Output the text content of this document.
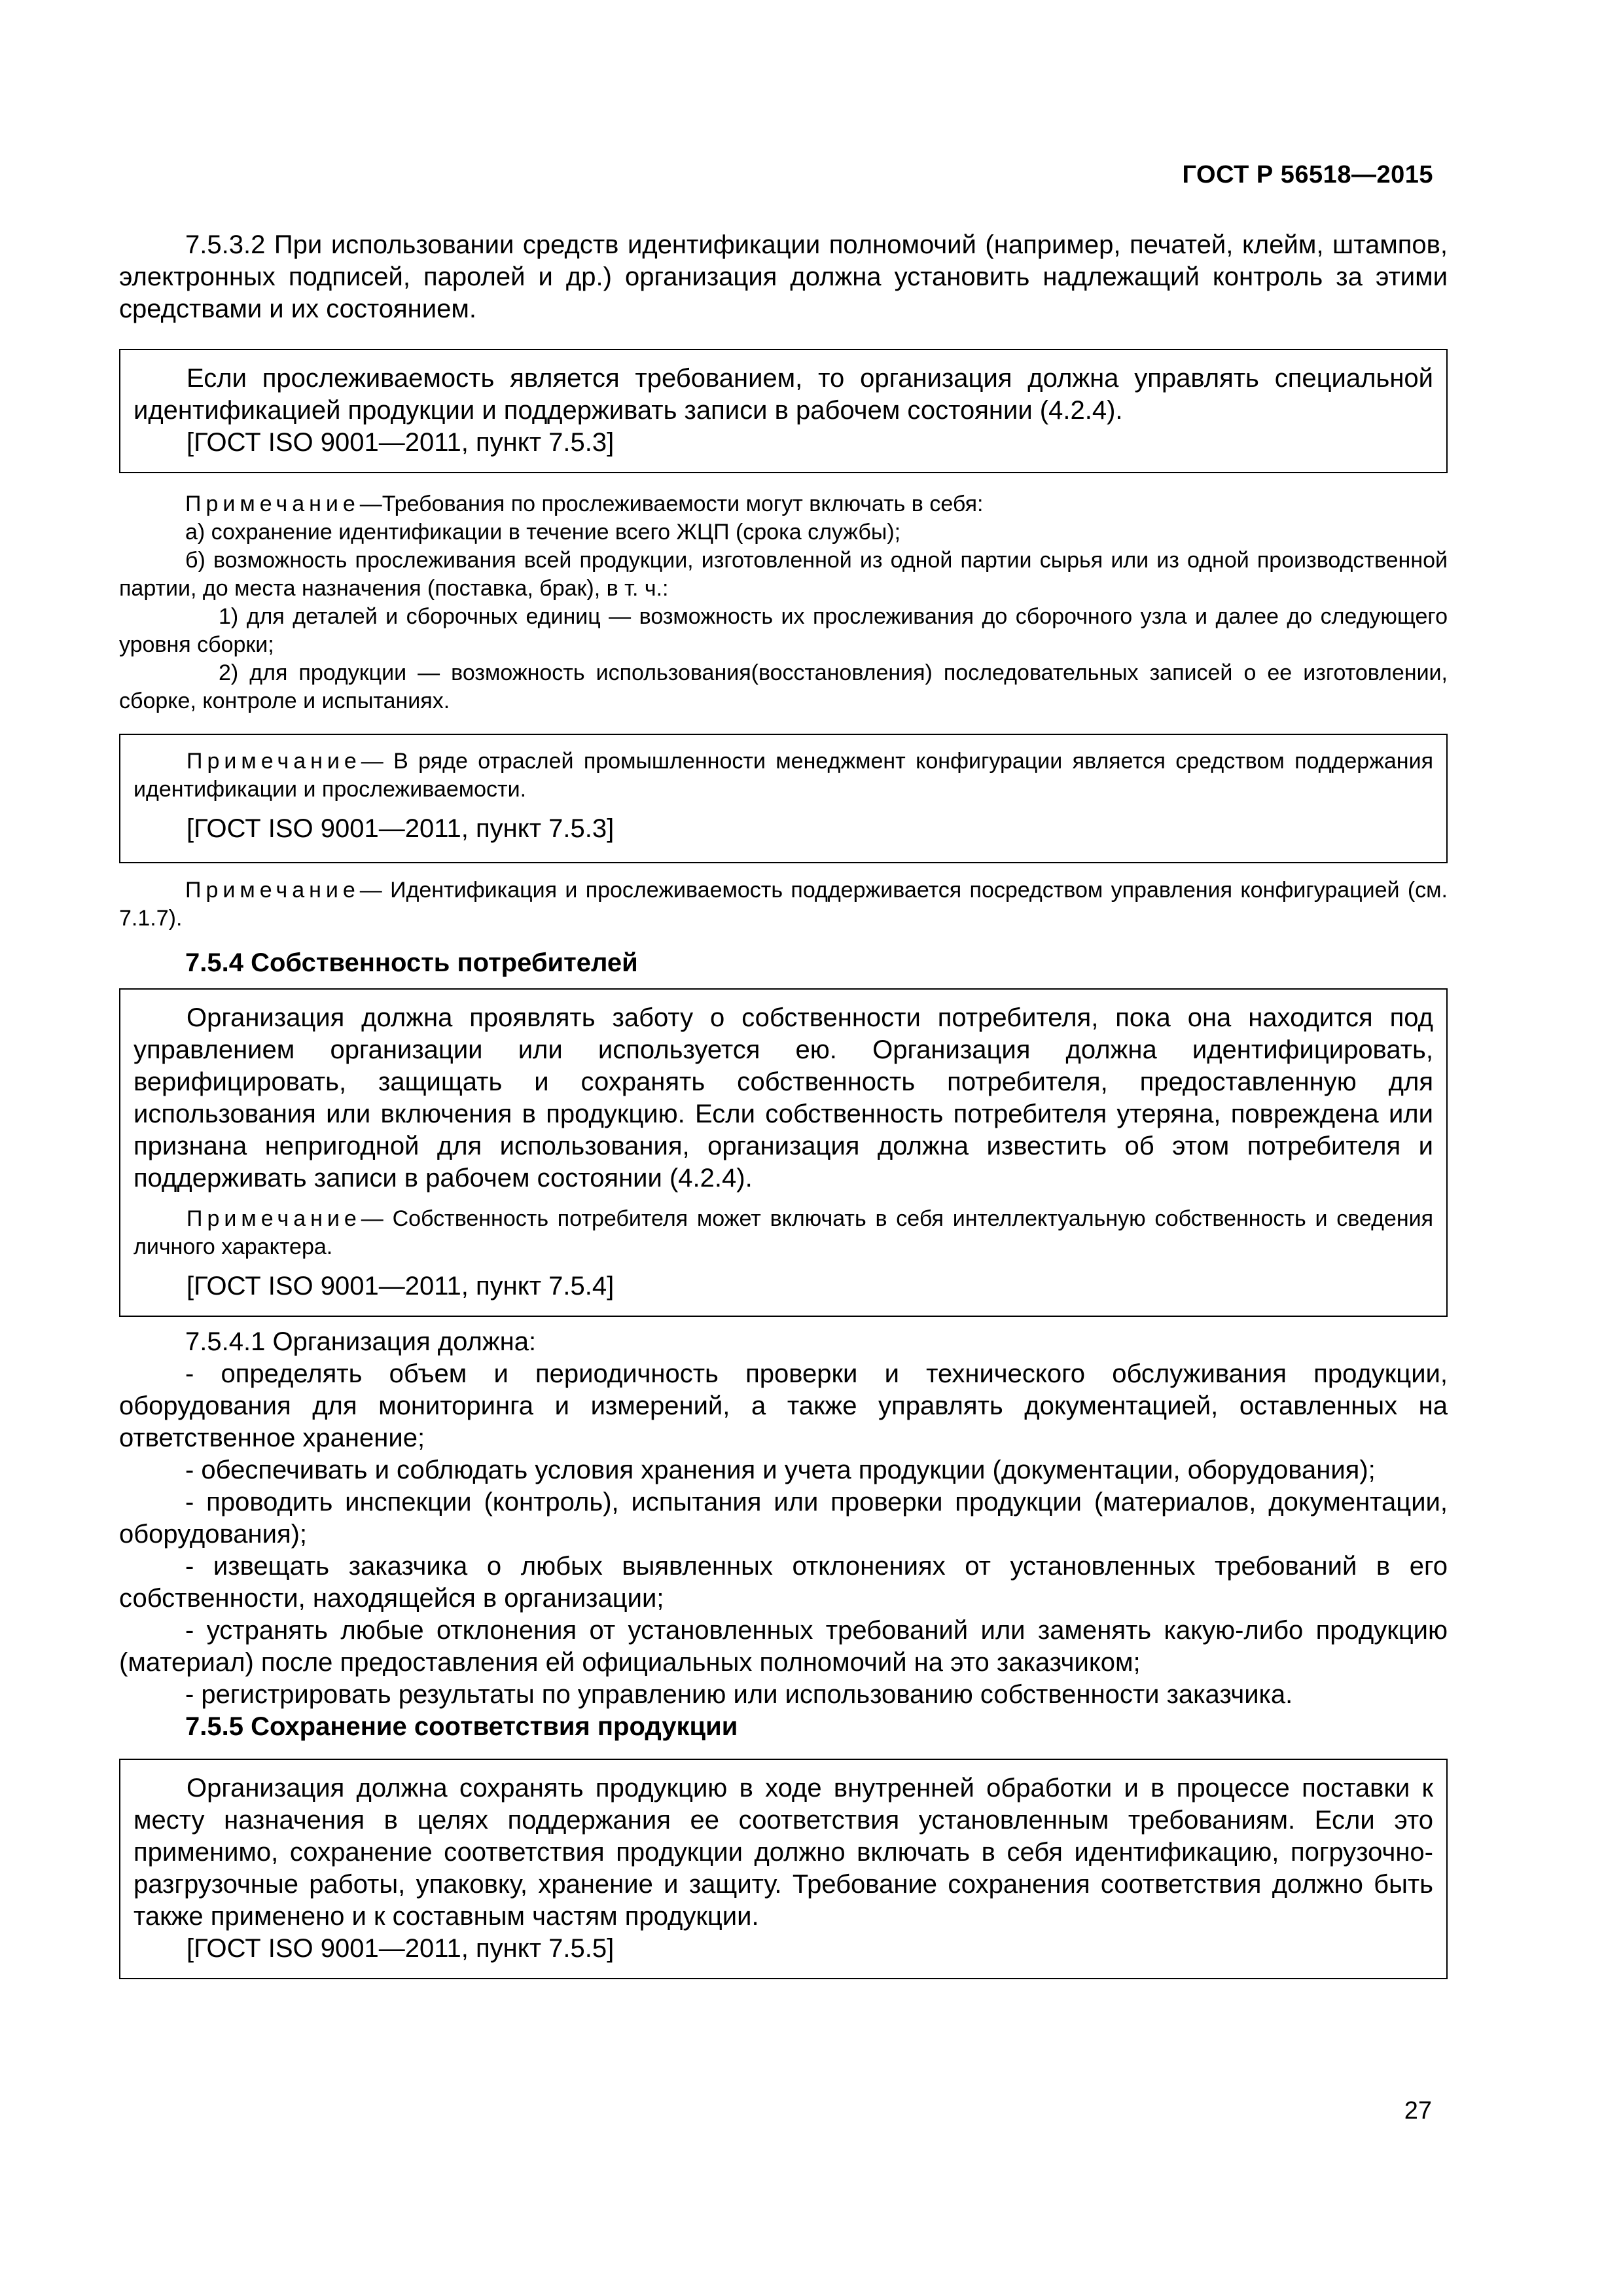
ГОСТ Р 56518—2015

7.5.3.2 При использовании средств идентификации полномочий (например, печатей, клейм, штампов, электронных подписей, паролей и др.) организация должна установить надлежащий контроль за этими средствами и их состоянием.

Если прослеживаемость является требованием, то организация должна управлять специальной идентификацией продукции и поддерживать записи в рабочем состоянии (4.2.4).

[ГОСТ ISO 9001—2011, пункт 7.5.3]

Примечание—Требования по прослеживаемости могут включать в себя:

а) сохранение идентификации в течение всего ЖЦП (срока службы);

б) возможность прослеживания всей продукции, изготовленной из одной партии сырья или из одной производственной партии, до места назначения (поставка, брак), в т. ч.:

1) для деталей и сборочных единиц — возможность их прослеживания до сборочного узла и далее до следующего уровня сборки;

2) для продукции — возможность использования(восстановления) последовательных записей о ее изготовлении, сборке, контроле и испытаниях.

Примечание— В ряде отраслей промышленности менеджмент конфигурации является средством поддержания идентификации и прослеживаемости.

[ГОСТ ISO 9001—2011, пункт 7.5.3]

Примечание— Идентификация и прослеживаемость поддерживается посредством управления конфигурацией (см. 7.1.7).

7.5.4 Собственность потребителей

Организация должна проявлять заботу о собственности потребителя, пока она находится под управлением организации или используется ею. Организация должна идентифицировать, верифицировать, защищать и сохранять собственность потребителя, предоставленную для использования или включения в продукцию. Если собственность потребителя утеряна, повреждена или признана непригодной для использования, организация должна известить об этом потребителя и поддерживать записи в рабочем состоянии (4.2.4).

Примечание— Собственность потребителя может включать в себя интеллектуальную собственность и сведения личного характера.

[ГОСТ ISO 9001—2011, пункт 7.5.4]

7.5.4.1 Организация должна:

- определять объем и периодичность проверки и технического обслуживания продукции, оборудования для мониторинга и измерений, а также управлять документацией, оставленных на ответственное хранение;

- обеспечивать и соблюдать условия хранения и учета продукции (документации, оборудования);

- проводить инспекции (контроль), испытания или проверки продукции (материалов, документации, оборудования);

- извещать заказчика о любых выявленных отклонениях от установленных требований в его собственности, находящейся в организации;

- устранять любые отклонения от установленных требований или заменять какую-либо продукцию (материал) после предоставления ей официальных полномочий на это заказчиком;

- регистрировать результаты по управлению или использованию собственности заказчика.

7.5.5 Сохранение соответствия продукции

Организация должна сохранять продукцию в ходе внутренней обработки и в процессе поставки к месту назначения в целях поддержания ее соответствия установленным требованиям. Если это применимо, сохранение соответствия продукции должно включать в себя идентификацию, погрузочно-разгрузочные работы, упаковку, хранение и защиту. Требование сохранения соответствия должно быть также применено и к составным частям продукции.

[ГОСТ ISO 9001—2011, пункт 7.5.5]

27
